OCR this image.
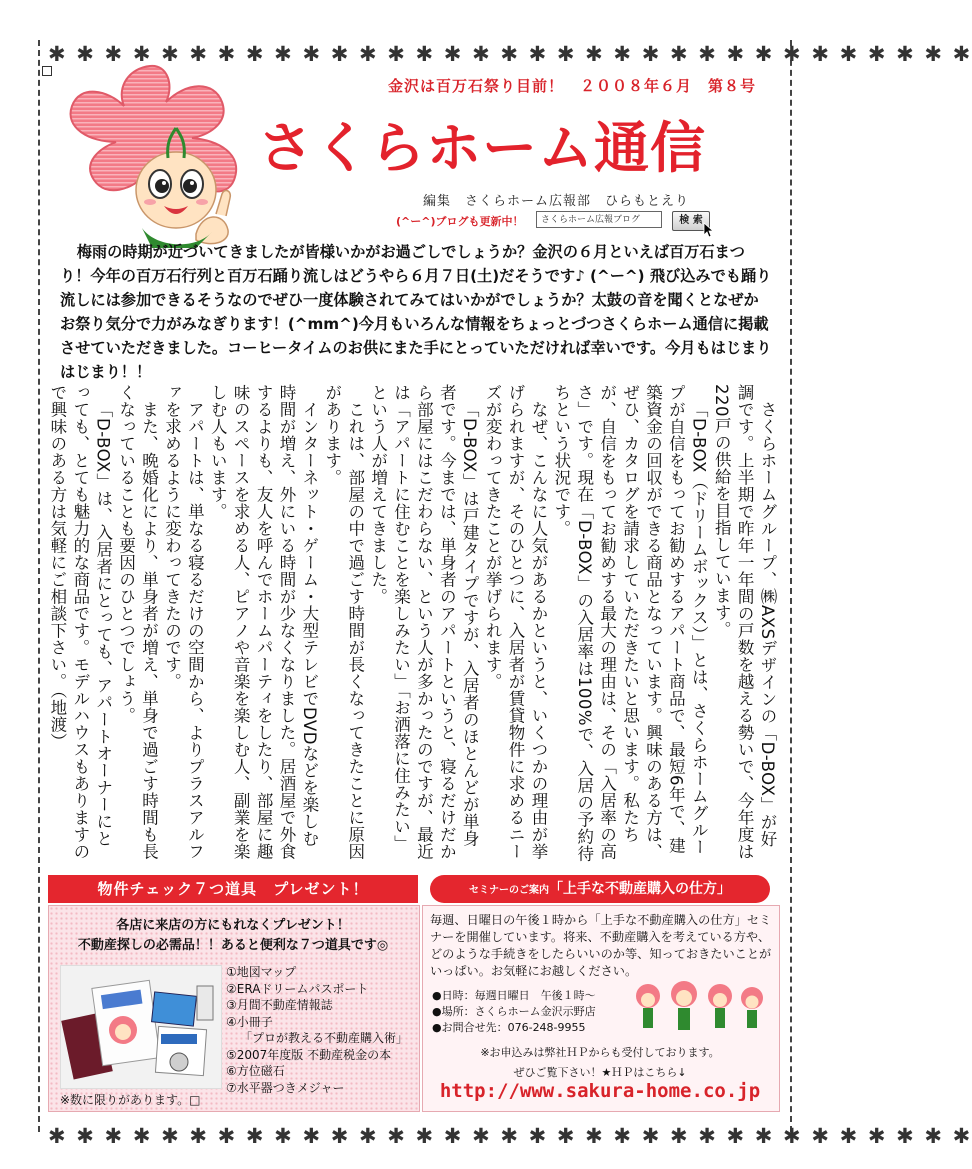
✱ ✱ ✱ ✱ ✱ ✱ ✱ ✱ ✱ ✱ ✱ ✱ ✱ ✱ ✱ ✱ ✱ ✱ ✱ ✱ ✱ ✱ ✱ ✱ ✱ ✱ ✱ ✱ ✱ ✱ ✱ ✱ ✱
✱ ✱ ✱ ✱ ✱ ✱ ✱ ✱ ✱ ✱ ✱ ✱ ✱ ✱ ✱ ✱ ✱ ✱ ✱ ✱ ✱ ✱ ✱ ✱ ✱ ✱ ✱ ✱ ✱ ✱ ✱ ✱ ✱
金沢は百万石祭り目前！　２００８年６月　第８号
さくらホーム通信
編集　さくらホーム広報部　ひらもとえり
(^ー^)ブログも更新中！	さくらホーム広報ブログ	検 索
梅雨の時期が近づいてきましたが皆様いかがお過ごしでしょうか？金沢の６月といえば百万石まつり！今年の百万石行列と百万石踊り流しはどうやら６月７日(土)だそうです♪ (^ー^) 飛び込みでも踊り流しには参加できるそうなのでぜひ一度体験されてみてはいかがでしょうか？太鼓の音を聞くとなぜかお祭り気分で力がみなぎります！(^mm^)今月もいろんな情報をちょっとづつさくらホーム通信に掲載させていただきました。コーヒータイムのお供にまた手にとっていただければ幸いです。今月もはじまりはじまり！！

さくらホームグループ、㈱AXSデザインの「D-BOX」が好調です。上半期で昨年一年間の戸数を越える勢いで、今年度は220戸の供給を目指しています。

「D-BOX（ドリームボックス）」とは、さくらホームグループが自信をもってお勧めするアパート商品で、最短6年で、建築資金の回収ができる商品となっています。興味のある方は、ぜひ、カタログを請求していただきたいと思います。私たちが、自信をもってお勧めする最大の理由は、その「入居率の高さ」です。現在「D-BOX」の入居率は100%で、入居の予約待ちという状況です。

なぜ、こんなに人気があるかというと、いくつかの理由が挙げられますが、そのひとつに、入居者が賃貸物件に求めるニーズが変わってきたことが挙げられます。

「D-BOX」は戸建タイプですが、入居者のほとんどが単身者です。今までは、単身者のアパートというと、寝るだけだから部屋にはこだわらない、という人が多かったのですが、最近は「アパートに住むことを楽しみたい」「お洒落に住みたい」という人が増えてきました。

これは、部屋の中で過ごす時間が長くなってきたことに原因があります。

インターネット・ゲーム・大型テレビでDVDなどを楽しむ時間が増え、外にいる時間が少なくなりました。居酒屋で外食するよりも、友人を呼んでホームパーティをしたり、部屋に趣味のスペースを求める人、ピアノや音楽を楽しむ人、副業を楽しむ人もいます。

アパートは、単なる寝るだけの空間から、よりプラスアルファを求めるように変わってきたのです。

また、晩婚化により、単身者が増え、単身で過ごす時間も長くなっていることも要因のひとつでしょう。

「D-BOX」は、入居者にとっても、アパートオーナーにとっても、とても魅力的な商品です。モデルハウスもありますので興味のある方は気軽にご相談下さい。（地渡）

物件チェック７つ道具　プレゼント！
各店に来店の方にもれなくプレゼント！
不動産探しの必需品！！あると便利な７つ道具です◎
①地図マップ
②ERAドリームパスポート
③月間不動産情報誌
④小冊子
「プロが教える不動産購入術」
⑤2007年度版 不動産税金の本
⑥方位磁石
⑦水平器つきメジャー
※数に限りがあります。□
セミナーのご案内「上手な不動産購入の仕方」
毎週、日曜日の午後１時から「上手な不動産購入の仕方」セミナーを開催しています。将来、不動産購入を考えている方や、どのような手続きをしたらいいのか等、知っておきたいことがいっぱい。お気軽にお越しください。
●日時：毎週日曜日　午後１時～
●場所：さくらホーム金沢示野店
●お問合せ先：076-248-9955
※お申込みは弊社ＨＰからも受付しております。
ぜひご覧下さい！★ＨＰはこちら↓
http://www.sakura-home.co.jp
